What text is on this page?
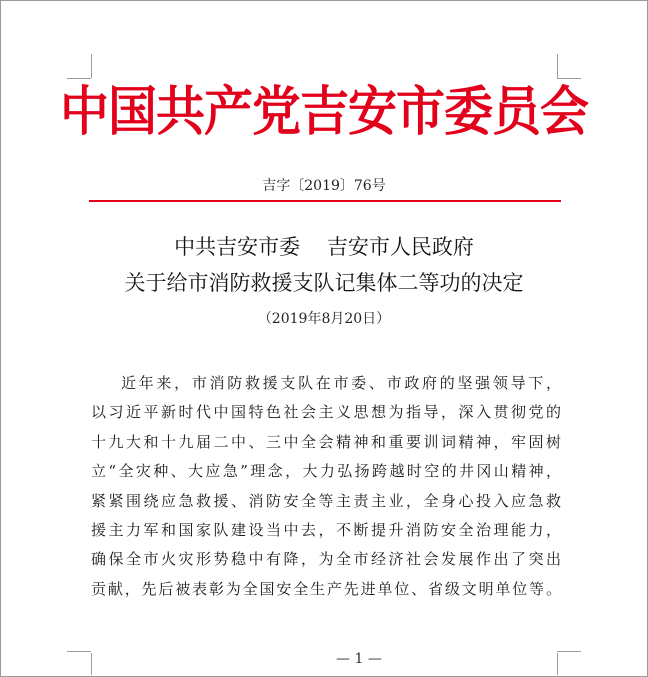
中国共产党吉安市委员会
吉字〔2019〕76号
中共吉安市委    吉安市人民政府
关于给市消防救援支队记集体二等功的决定
（2019年8月20日）
近年来，市消防救援支队在市委、市政府的坚强领导下，
以习近平新时代中国特色社会主义思想为指导，深入贯彻党的
十九大和十九届二中、三中全会精神和重要训词精神，牢固树
立“全灾种、大应急”理念，大力弘扬跨越时空的井冈山精神，
紧紧围绕应急救援、消防安全等主责主业，全身心投入应急救
援主力军和国家队建设当中去，不断提升消防安全治理能力，
确保全市火灾形势稳中有降，为全市经济社会发展作出了突出
贡献，先后被表彰为全国安全生产先进单位、省级文明单位等。
— 1 —
